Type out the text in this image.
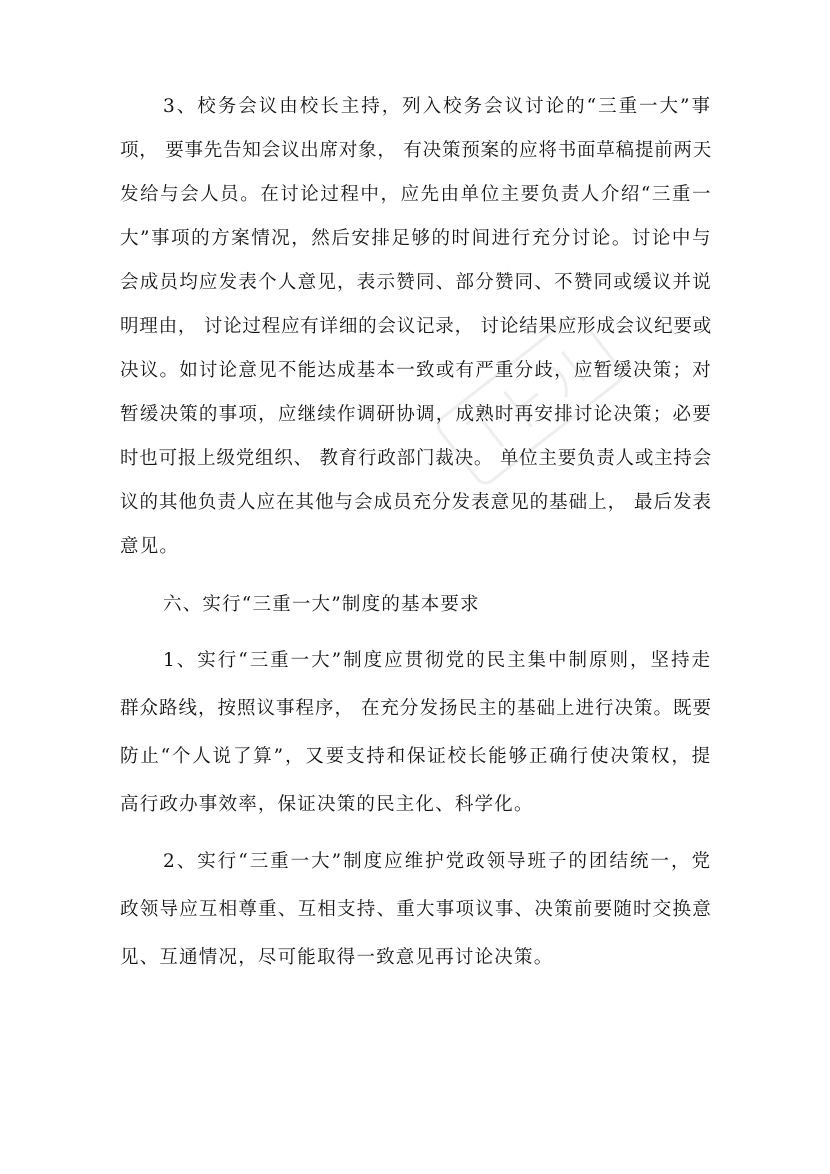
3、校务会议由校长主持，列入校务会议讨论的“三重一大”事
项， 要事先告知会议出席对象， 有决策预案的应将书面草稿提前两天
发给与会人员。在讨论过程中，应先由单位主要负责人介绍“三重一
大”事项的方案情况，然后安排足够的时间进行充分讨论。讨论中与
会成员均应发表个人意见，表示赞同、部分赞同、不赞同或缓议并说
明理由， 讨论过程应有详细的会议记录， 讨论结果应形成会议纪要或
决议。如讨论意见不能达成基本一致或有严重分歧，应暂缓决策；对
暂缓决策的事项，应继续作调研协调，成熟时再安排讨论决策；必要
时也可报上级党组织、 教育行政部门裁决。 单位主要负责人或主持会
议的其他负责人应在其他与会成员充分发表意见的基础上， 最后发表
意见。
六、实行“三重一大”制度的基本要求
1、实行“三重一大”制度应贯彻党的民主集中制原则，坚持走
群众路线，按照议事程序， 在充分发扬民主的基础上进行决策。既要
防止“个人说了算”，又要支持和保证校长能够正确行使决策权，提
高行政办事效率，保证决策的民主化、科学化。
2、实行“三重一大”制度应维护党政领导班子的团结统一，党
政领导应互相尊重、互相支持、重大事项议事、决策前要随时交换意
见、互通情况，尽可能取得一致意见再讨论决策。
